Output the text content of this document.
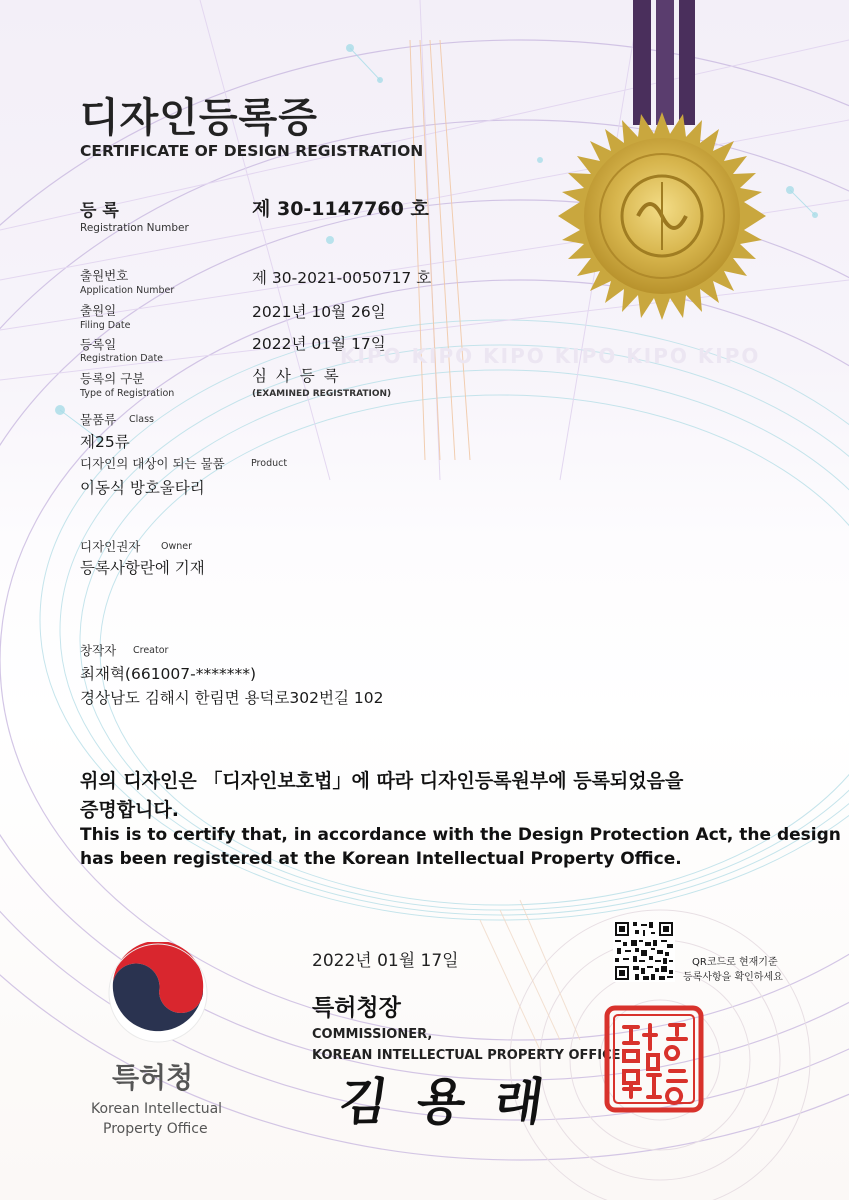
디자인등록증
CERTIFICATE OF DESIGN REGISTRATION
등 록
Registration Number
제 30-1147760 호
출원번호
Application Number
제 30-2021-0050717 호
출원일
Filing Date
2021년 10월 26일
등록일
Registration Date
2022년 01월 17일
등록의 구분
Type of Registration
심 사 등 록
(EXAMINED REGISTRATION)
KIPO KIPO KIPO KIPO KIPO KIPO
물품류 Class
제25류
디자인의 대상이 되는 물품	Product
이동식 방호울타리
디자인권자 Owner
등록사항란에 기재
창작자 Creator
최재혁(661007-*******)
경상남도 김해시 한림면 용덕로302번길 102
위의 디자인은 「디자인보호법」에 따라 디자인등록원부에 등록되었음을
증명합니다.
This is to certify that, in accordance with the Design Protection Act, the design
has been registered at the Korean Intellectual Property Office.
특허청
Korean Intellectual
Property Office
2022년 01월 17일
특허청장
COMMISSIONER,
KOREAN INTELLECTUAL PROPERTY OFFICE
김 용 래
QR코드로 현재기준
등록사항을 확인하세요
